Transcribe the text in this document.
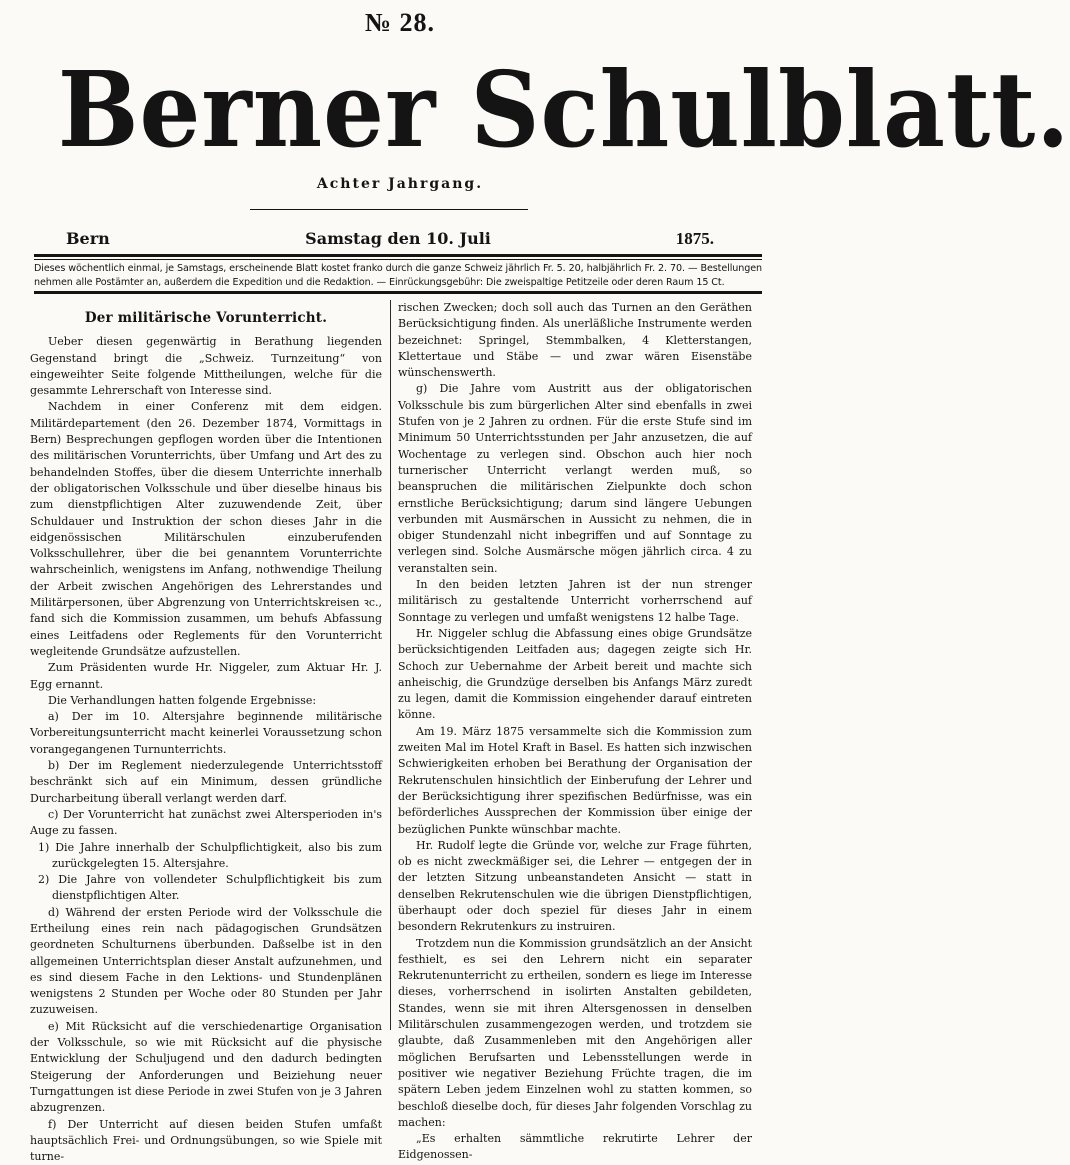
№ 28.
Berner Schulblatt.
Achter Jahrgang.
Bern	Samstag den 10. Juli	1875.
Dieses wöchentlich einmal, je Samstags, erscheinende Blatt kostet franko durch die ganze Schweiz jährlich Fr. 5. 20, halbjährlich Fr. 2. 70. — Bestellungen nehmen alle Postämter an, außerdem die Expedition und die Redaktion. — Einrückungsgebühr: Die zweispaltige Petitzeile oder deren Raum 15 Ct.
Der militärische Vorunterricht.

Ueber diesen gegenwärtig in Berathung liegenden Gegenstand bringt die „Schweiz. Turnzeitung“ von eingeweihter Seite folgende Mittheilungen, welche für die gesammte Lehrerschaft von Interesse sind.

Nachdem in einer Conferenz mit dem eidgen. Militärdepartement (den 26. Dezember 1874, Vormittags in Bern) Besprechungen gepflogen worden über die Intentionen des militärischen Vorunterrichts, über Umfang und Art des zu behandelnden Stoffes, über die diesem Unterrichte innerhalb der obligatorischen Volksschule und über dieselbe hinaus bis zum dienstpflichtigen Alter zuzuwendende Zeit, über Schuldauer und Instruktion der schon dieses Jahr in die eidgenössischen Militärschulen einzuberufenden Volksschullehrer, über die bei genanntem Vorunterrichte wahrscheinlich, wenigstens im Anfang, nothwendige Theilung der Arbeit zwischen Angehörigen des Lehrerstandes und Militärpersonen, über Abgrenzung von Unterrichtskreisen ꝛc., fand sich die Kommission zusammen, um behufs Abfassung eines Leitfadens oder Reglements für den Vorunterricht wegleitende Grundsätze aufzustellen.

Zum Präsidenten wurde Hr. Niggeler, zum Aktuar Hr. J. Egg ernannt.

Die Verhandlungen hatten folgende Ergebnisse:

a) Der im 10. Altersjahre beginnende militärische Vorbereitungsunterricht macht keinerlei Voraussetzung schon vorangegangenen Turnunterrichts.

b) Der im Reglement niederzulegende Unterrichtsstoff beschränkt sich auf ein Minimum, dessen gründliche Durcharbeitung überall verlangt werden darf.

c) Der Vorunterricht hat zunächst zwei Altersperioden in's Auge zu fassen.

1) Die Jahre innerhalb der Schulpflichtigkeit, also bis zum zurückgelegten 15. Altersjahre.

2) Die Jahre von vollendeter Schulpflichtigkeit bis zum dienstpflichtigen Alter.

d) Während der ersten Periode wird der Volksschule die Ertheilung eines rein nach pädagogischen Grundsätzen geordneten Schulturnens überbunden. Daßselbe ist in den allgemeinen Unterrichtsplan dieser Anstalt aufzunehmen, und es sind diesem Fache in den Lektions- und Stundenplänen wenigstens 2 Stunden per Woche oder 80 Stunden per Jahr zuzuweisen.

e) Mit Rücksicht auf die verschiedenartige Organisation der Volksschule, so wie mit Rücksicht auf die physische Entwicklung der Schuljugend und den dadurch bedingten Steigerung der Anforderungen und Beiziehung neuer Turngattungen ist diese Periode in zwei Stufen von je 3 Jahren abzugrenzen.

f) Der Unterricht auf diesen beiden Stufen umfaßt hauptsächlich Frei- und Ordnungsübungen, so wie Spiele mit turne-

rischen Zwecken; doch soll auch das Turnen an den Geräthen Berücksichtigung finden. Als unerläßliche Instrumente werden bezeichnet: Springel, Stemmbalken, 4 Kletterstangen, Klettertaue und Stäbe — und zwar wären Eisenstäbe wünschenswerth.

g) Die Jahre vom Austritt aus der obligatorischen Volksschule bis zum bürgerlichen Alter sind ebenfalls in zwei Stufen von je 2 Jahren zu ordnen. Für die erste Stufe sind im Minimum 50 Unterrichtsstunden per Jahr anzusetzen, die auf Wochentage zu verlegen sind. Obschon auch hier noch turnerischer Unterricht verlangt werden muß, so beanspruchen die militärischen Zielpunkte doch schon ernstliche Berücksichtigung; darum sind längere Uebungen verbunden mit Ausmärschen in Aussicht zu nehmen, die in obiger Stundenzahl nicht inbegriffen und auf Sonntage zu verlegen sind. Solche Ausmärsche mögen jährlich circa. 4 zu veranstalten sein.

In den beiden letzten Jahren ist der nun strenger militärisch zu gestaltende Unterricht vorherrschend auf Sonntage zu verlegen und umfaßt wenigstens 12 halbe Tage.

Hr. Niggeler schlug die Abfassung eines obige Grundsätze berücksichtigenden Leitfaden aus; dagegen zeigte sich Hr. Schoch zur Uebernahme der Arbeit bereit und machte sich anheischig, die Grundzüge derselben bis Anfangs März zuredt zu legen, damit die Kommission eingehender darauf eintreten könne.

Am 19. März 1875 versammelte sich die Kommission zum zweiten Mal im Hotel Kraft in Basel. Es hatten sich inzwischen Schwierigkeiten erhoben bei Berathung der Organisation der Rekrutenschulen hinsichtlich der Einberufung der Lehrer und der Berücksichtigung ihrer spezifischen Bedürfnisse, was ein beförderliches Aussprechen der Kommission über einige der bezüglichen Punkte wünschbar machte.

Hr. Rudolf legte die Gründe vor, welche zur Frage führten, ob es nicht zweckmäßiger sei, die Lehrer — entgegen der in der letzten Sitzung unbeanstandeten Ansicht — statt in denselben Rekrutenschulen wie die übrigen Dienstpflichtigen, überhaupt oder doch speziel für dieses Jahr in einem besondern Rekrutenkurs zu instruiren.

Trotzdem nun die Kommission grundsätzlich an der Ansicht festhielt, es sei den Lehrern nicht ein separater Rekrutenunterricht zu ertheilen, sondern es liege im Interesse dieses, vorherrschend in isolirten Anstalten gebildeten, Standes, wenn sie mit ihren Altersgenossen in denselben Militärschulen zusammengezogen werden, und trotzdem sie glaubte, daß Zusammenleben mit den Angehörigen aller möglichen Berufsarten und Lebensstellungen werde in positiver wie negativer Beziehung Früchte tragen, die im spätern Leben jedem Einzelnen wohl zu statten kommen, so beschloß dieselbe doch, für dieses Jahr folgenden Vorschlag zu machen:

„Es erhalten sämmtliche rekrutirte Lehrer der Eidgenossen-
